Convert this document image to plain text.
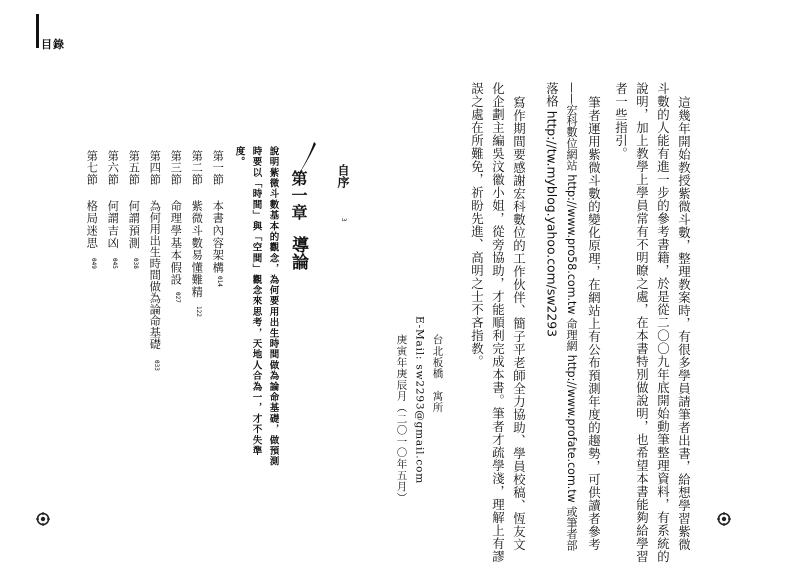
目錄
這幾年開始教授紫微斗數，整理教案時，有很多學員請筆者出書，給想學習紫微
斗數的人能有進一步的參考書籍，於是從二〇〇九年底開始動筆整理資料，有系統的
說明，加上教學上學員常有不明瞭之處，在本書特別做說明，也希望本書能夠給學習
者一些指引。
筆者運用紫微斗數的變化原理，在網站上有公布預測年度的趨勢，可供讀者參考
——宏科數位網站 http://www.pro58.com.tw 命理網 http://www.profate.com.tw 或筆者部
落格 http://tw.myblog.yahoo.com/sw2293
寫作期間要感謝宏科數位的工作伙伴、簡子平老師全力協助、學員校稿、恆友文
化企劃主編吳汶徽小姐，從旁協助，才能順利完成本書。筆者才疏學淺，理解上有謬
誤之處在所難免，祈盼先進、高明之士不吝指教。
台北板橋　寓所
E-Mail: sw2293@gmail.com
庚寅年庚辰月（二〇一〇年五月）
自序
3
第一章
導論
說明紫微斗數基本的觀念，為何要用出生時間做為論命基礎，做預測
時要以「時間」與「空間」觀念來思考，天地人合為一，才不失準
度。
第一節
本書內容架構
014
第二節
紫微斗數易懂難精
122
第三節
命理學基本假設
027
第四節
為何用出生時間做為論命基礎
033
第五節
何謂預測
038
第六節
何謂吉凶
045
第七節
格局迷思
049
